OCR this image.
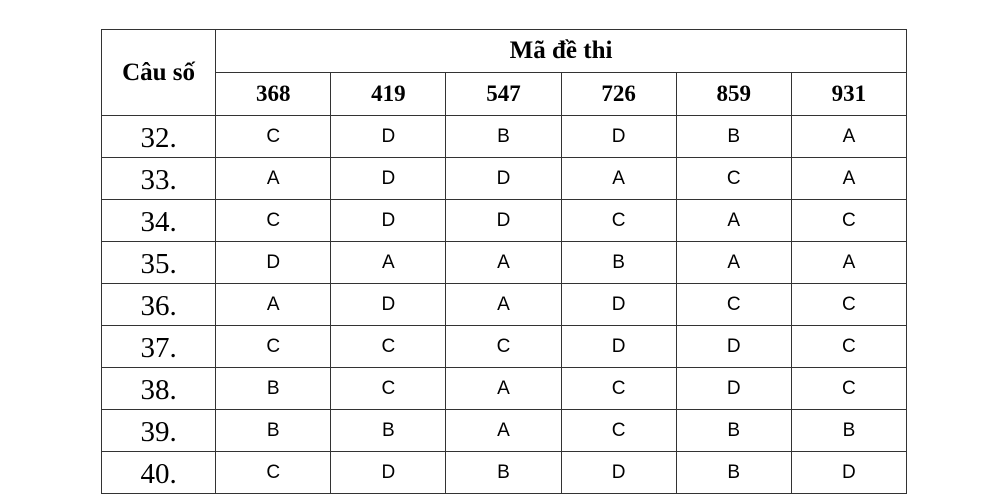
Câu số	Mã đề thi					
	368	419	547	726	859	931
32.	C	D	B	D	B	A
33.	A	D	D	A	C	A
34.	C	D	D	C	A	C
35.	D	A	A	B	A	A
36.	A	D	A	D	C	C
37.	C	C	C	D	D	C
38.	B	C	A	C	D	C
39.	B	B	A	C	B	B
40.	C	D	B	D	B	D
